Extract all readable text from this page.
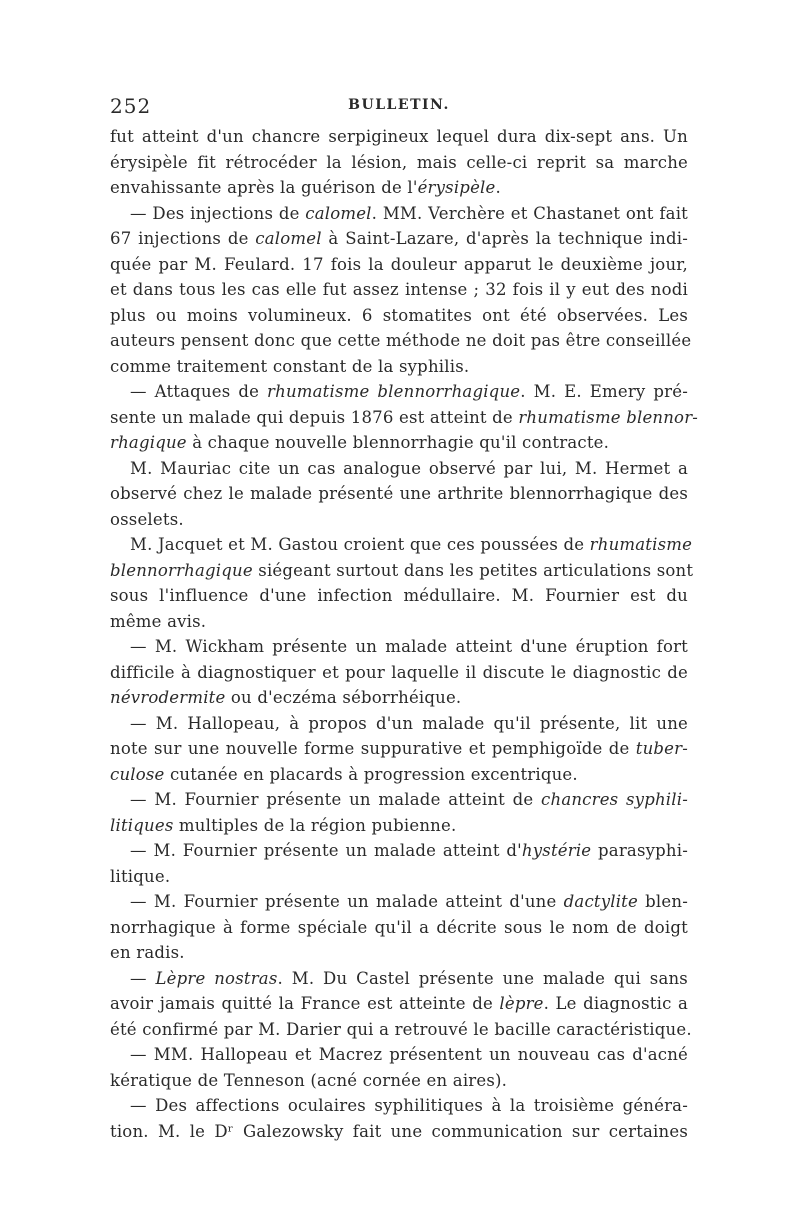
252	BULLETIN.
fut atteint d'un chancre serpigineux lequel dura dix-sept ans. Un
érysipèle fit rétrocéder la lésion, mais celle-ci reprit sa marche
envahissante après la guérison de l'érysipèle.
— Des injections de calomel. MM. Verchère et Chastanet ont fait
67 injections de calomel à Saint-Lazare, d'après la technique indi-
quée par M. Feulard. 17 fois la douleur apparut le deuxième jour,
et dans tous les cas elle fut assez intense ; 32 fois il y eut des nodi
plus ou moins volumineux. 6 stomatites ont été observées. Les
auteurs pensent donc que cette méthode ne doit pas être conseillée
comme traitement constant de la syphilis.
— Attaques de rhumatisme blennorrhagique. M. E. Emery pré-
sente un malade qui depuis 1876 est atteint de rhumatisme blennor-
rhagique à chaque nouvelle blennorrhagie qu'il contracte.
M. Mauriac cite un cas analogue observé par lui, M. Hermet a
observé chez le malade présenté une arthrite blennorrhagique des
osselets.
M. Jacquet et M. Gastou croient que ces poussées de rhumatisme
blennorrhagique siégeant surtout dans les petites articulations sont
sous l'influence d'une infection médullaire. M. Fournier est du
même avis.
— M. Wickham présente un malade atteint d'une éruption fort
difficile à diagnostiquer et pour laquelle il discute le diagnostic de
névrodermite ou d'eczéma séborrhéique.
— M. Hallopeau, à propos d'un malade qu'il présente, lit une
note sur une nouvelle forme suppurative et pemphigoïde de tuber-
culose cutanée en placards à progression excentrique.
— M. Fournier présente un malade atteint de chancres syphili-
litiques multiples de la région pubienne.
— M. Fournier présente un malade atteint d'hystérie parasyphi-
litique.
— M. Fournier présente un malade atteint d'une dactylite blen-
norrhagique à forme spéciale qu'il a décrite sous le nom de doigt
en radis.
— Lèpre nostras. M. Du Castel présente une malade qui sans
avoir jamais quitté la France est atteinte de lèpre. Le diagnostic a
été confirmé par M. Darier qui a retrouvé le bacille caractéristique.
— MM. Hallopeau et Macrez présentent un nouveau cas d'acné
kératique de Tenneson (acné cornée en aires).
— Des affections oculaires syphilitiques à la troisième généra-
tion. M. le Dʳ Galezowsky fait une communication sur certaines
